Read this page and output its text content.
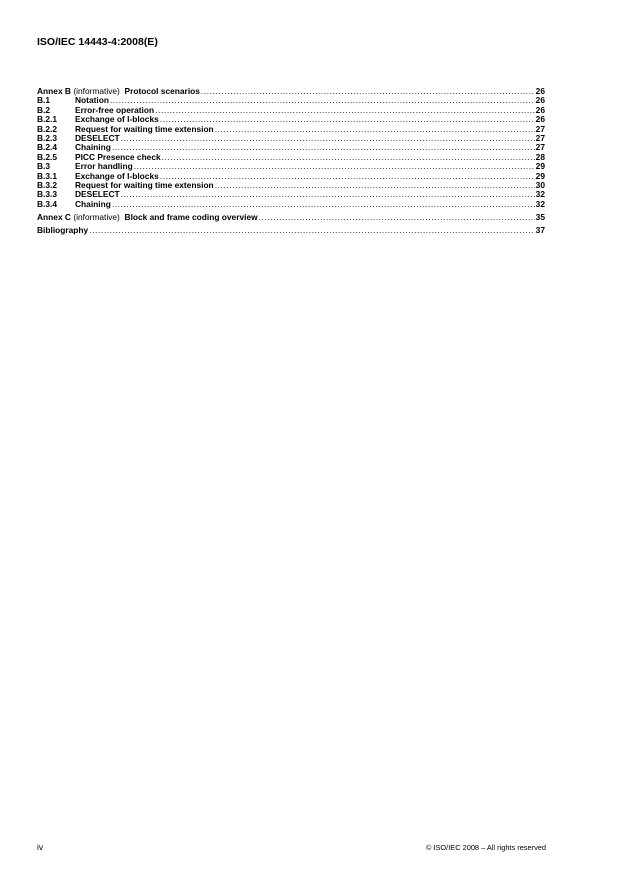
ISO/IEC 14443-4:2008(E)
Annex B (informative) Protocol scenarios .....	26
B.1	Notation .....	26
B.2	Error-free operation .....	26
B.2.1	Exchange of I-blocks .....	26
B.2.2	Request for waiting time extension .....	27
B.2.3	DESELECT .....	27
B.2.4	Chaining .....	27
B.2.5	PICC Presence check .....	28
B.3	Error handling .....	29
B.3.1	Exchange of I-blocks .....	29
B.3.2	Request for waiting time extension .....	30
B.3.3	DESELECT .....	32
B.3.4	Chaining .....	32
Annex C (informative) Block and frame coding overview .....	35
Bibliography .....	37
iv	© ISO/IEC 2008 – All rights reserved
